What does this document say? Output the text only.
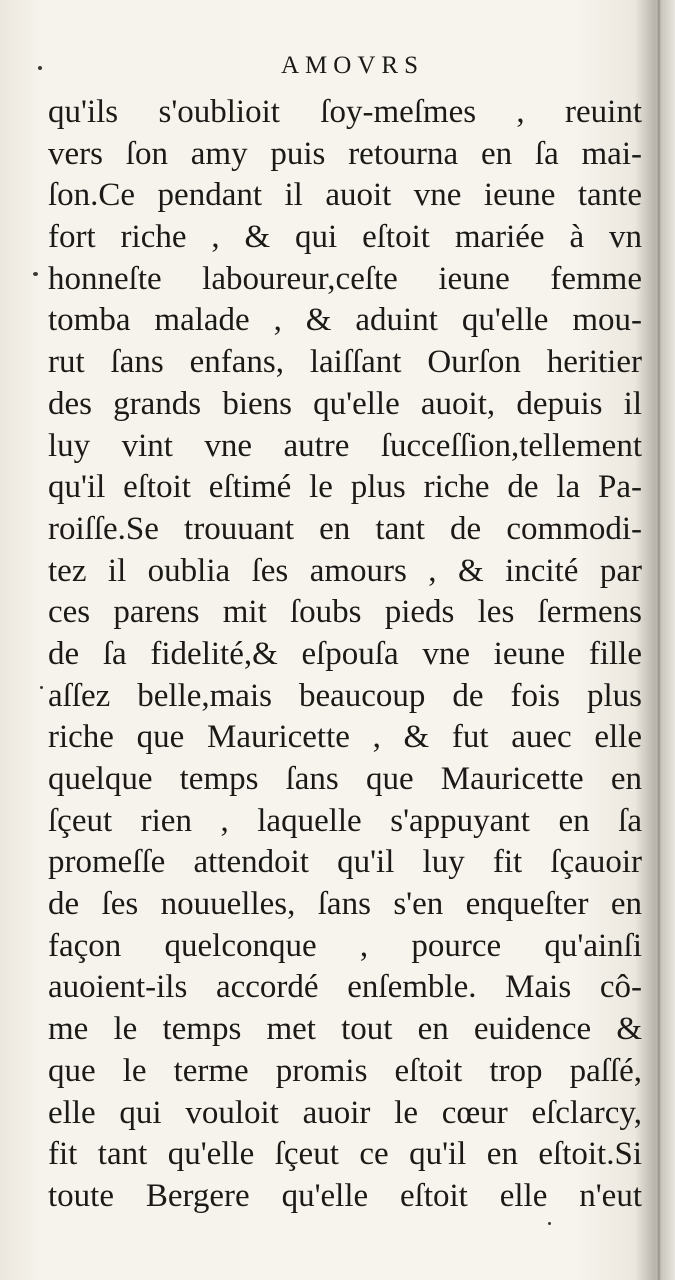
AMOVRS
qu'ils s'oublioit ſoy-meſmes , reuint
vers ſon amy puis retourna en ſa mai-
ſon.Ce pendant il auoit vne ieune tante
fort riche , & qui eſtoit mariée à vn
honneſte laboureur,ceſte ieune femme
tomba malade , & aduint qu'elle mou-
rut ſans enfans, laiſſant Ourſon heritier
des grands biens qu'elle auoit, depuis il
luy vint vne autre ſucceſſion,tellement
qu'il eſtoit eſtimé le plus riche de la Pa-
roiſſe.Se trouuant en tant de commodi-
tez il oublia ſes amours , & incité par
ces parens mit ſoubs pieds les ſermens
de ſa fidelité,& eſpouſa vne ieune fille
aſſez belle,mais beaucoup de fois plus
riche que Mauricette , & fut auec elle
quelque temps ſans que Mauricette en
ſçeut rien , laquelle s'appuyant en ſa
promeſſe attendoit qu'il luy fit ſçauoir
de ſes nouuelles, ſans s'en enqueſter en
façon quelconque , pource qu'ainſi
auoient-ils accordé enſemble. Mais cô-
me le temps met tout en euidence &
que le terme promis eſtoit trop paſſé,
elle qui vouloit auoir le cœur eſclarcy,
fit tant qu'elle ſçeut ce qu'il en eſtoit.Si
toute Bergere qu'elle eſtoit elle n'eut
